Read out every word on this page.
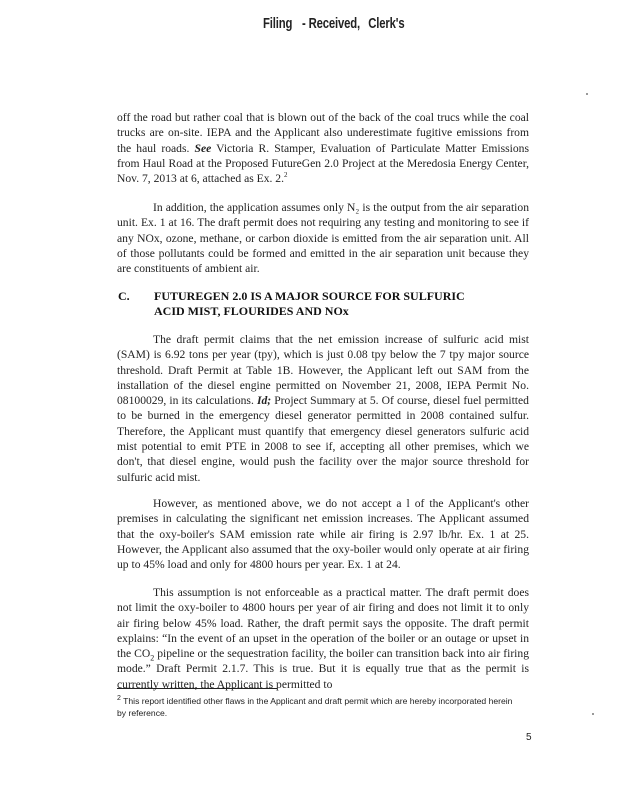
Filing - Received, Clerk's

off the road but rather coal that is blown out of the back of the coal trucs while the coal trucks are on-site. IEPA and the Applicant also underestimate fugitive emissions from the haul roads. See Victoria R. Stamper, Evaluation of Particulate Matter Emissions from Haul Road at the Proposed FutureGen 2.0 Project at the Meredosia Energy Center, Nov. 7, 2013 at 6, attached as Ex. 2.$^2$

In addition, the application assumes only N₂ is the output from the air separation unit. Ex. 1 at 16. The draft permit does not requiring any testing and monitoring to see if any NOx, ozone, methane, or carbon dioxide is emitted from the air separation unit. All of those pollutants could be formed and emitted in the air separation unit because they are constituents of ambient air.

C. FUTUREGEN 2.0 IS A MAJOR SOURCE FOR SULFURIC
ACID MIST, FLOURIDES AND NOx

The draft permit claims that the net emission increase of sulfuric acid mist (SAM) is 6.92 tons per year (tpy), which is just 0.08 tpy below the 7 tpy major source threshold. Draft Permit at Table 1B. However, the Applicant left out SAM from the installation of the diesel engine permitted on November 21, 2008, IEPA Permit No. 08100029, in its calculations. Id; Project Summary at 5. Of course, diesel fuel permitted to be burned in the emergency diesel generator permitted in 2008 contained sulfur. Therefore, the Applicant must quantify that emergency diesel generators sulfuric acid mist potential to emit PTE in 2008 to see if, accepting all other premises, which we don't, that diesel engine, would push the facility over the major source threshold for sulfuric acid mist.

However, as mentioned above, we do not accept a l of the Applicant's other premises in calculating the significant net emission increases. The Applicant assumed that the oxy-boiler's SAM emission rate while air firing is 2.97 lb/hr. Ex. 1 at 25. However, the Applicant also assumed that the oxy-boiler would only operate at air firing up to 45% load and only for 4800 hours per year. Ex. 1 at 24.

This assumption is not enforceable as a practical matter. The draft permit does not limit the oxy-boiler to 4800 hours per year of air firing and does not limit it to only air firing below 45% load. Rather, the draft permit says the opposite. The draft permit explains: “In the event of an upset in the operation of the boiler or an outage or upset in the $CO_2$ pipeline or the sequestration facility, the boiler can transition back into air firing mode.” Draft Permit 2.1.7. This is true. But it is equally true that as the permit is currently written, the Applicant is permitted to

$^2$ This report identified other flaws in the Applicant and draft permit which are hereby incorporated herein by reference.
5
